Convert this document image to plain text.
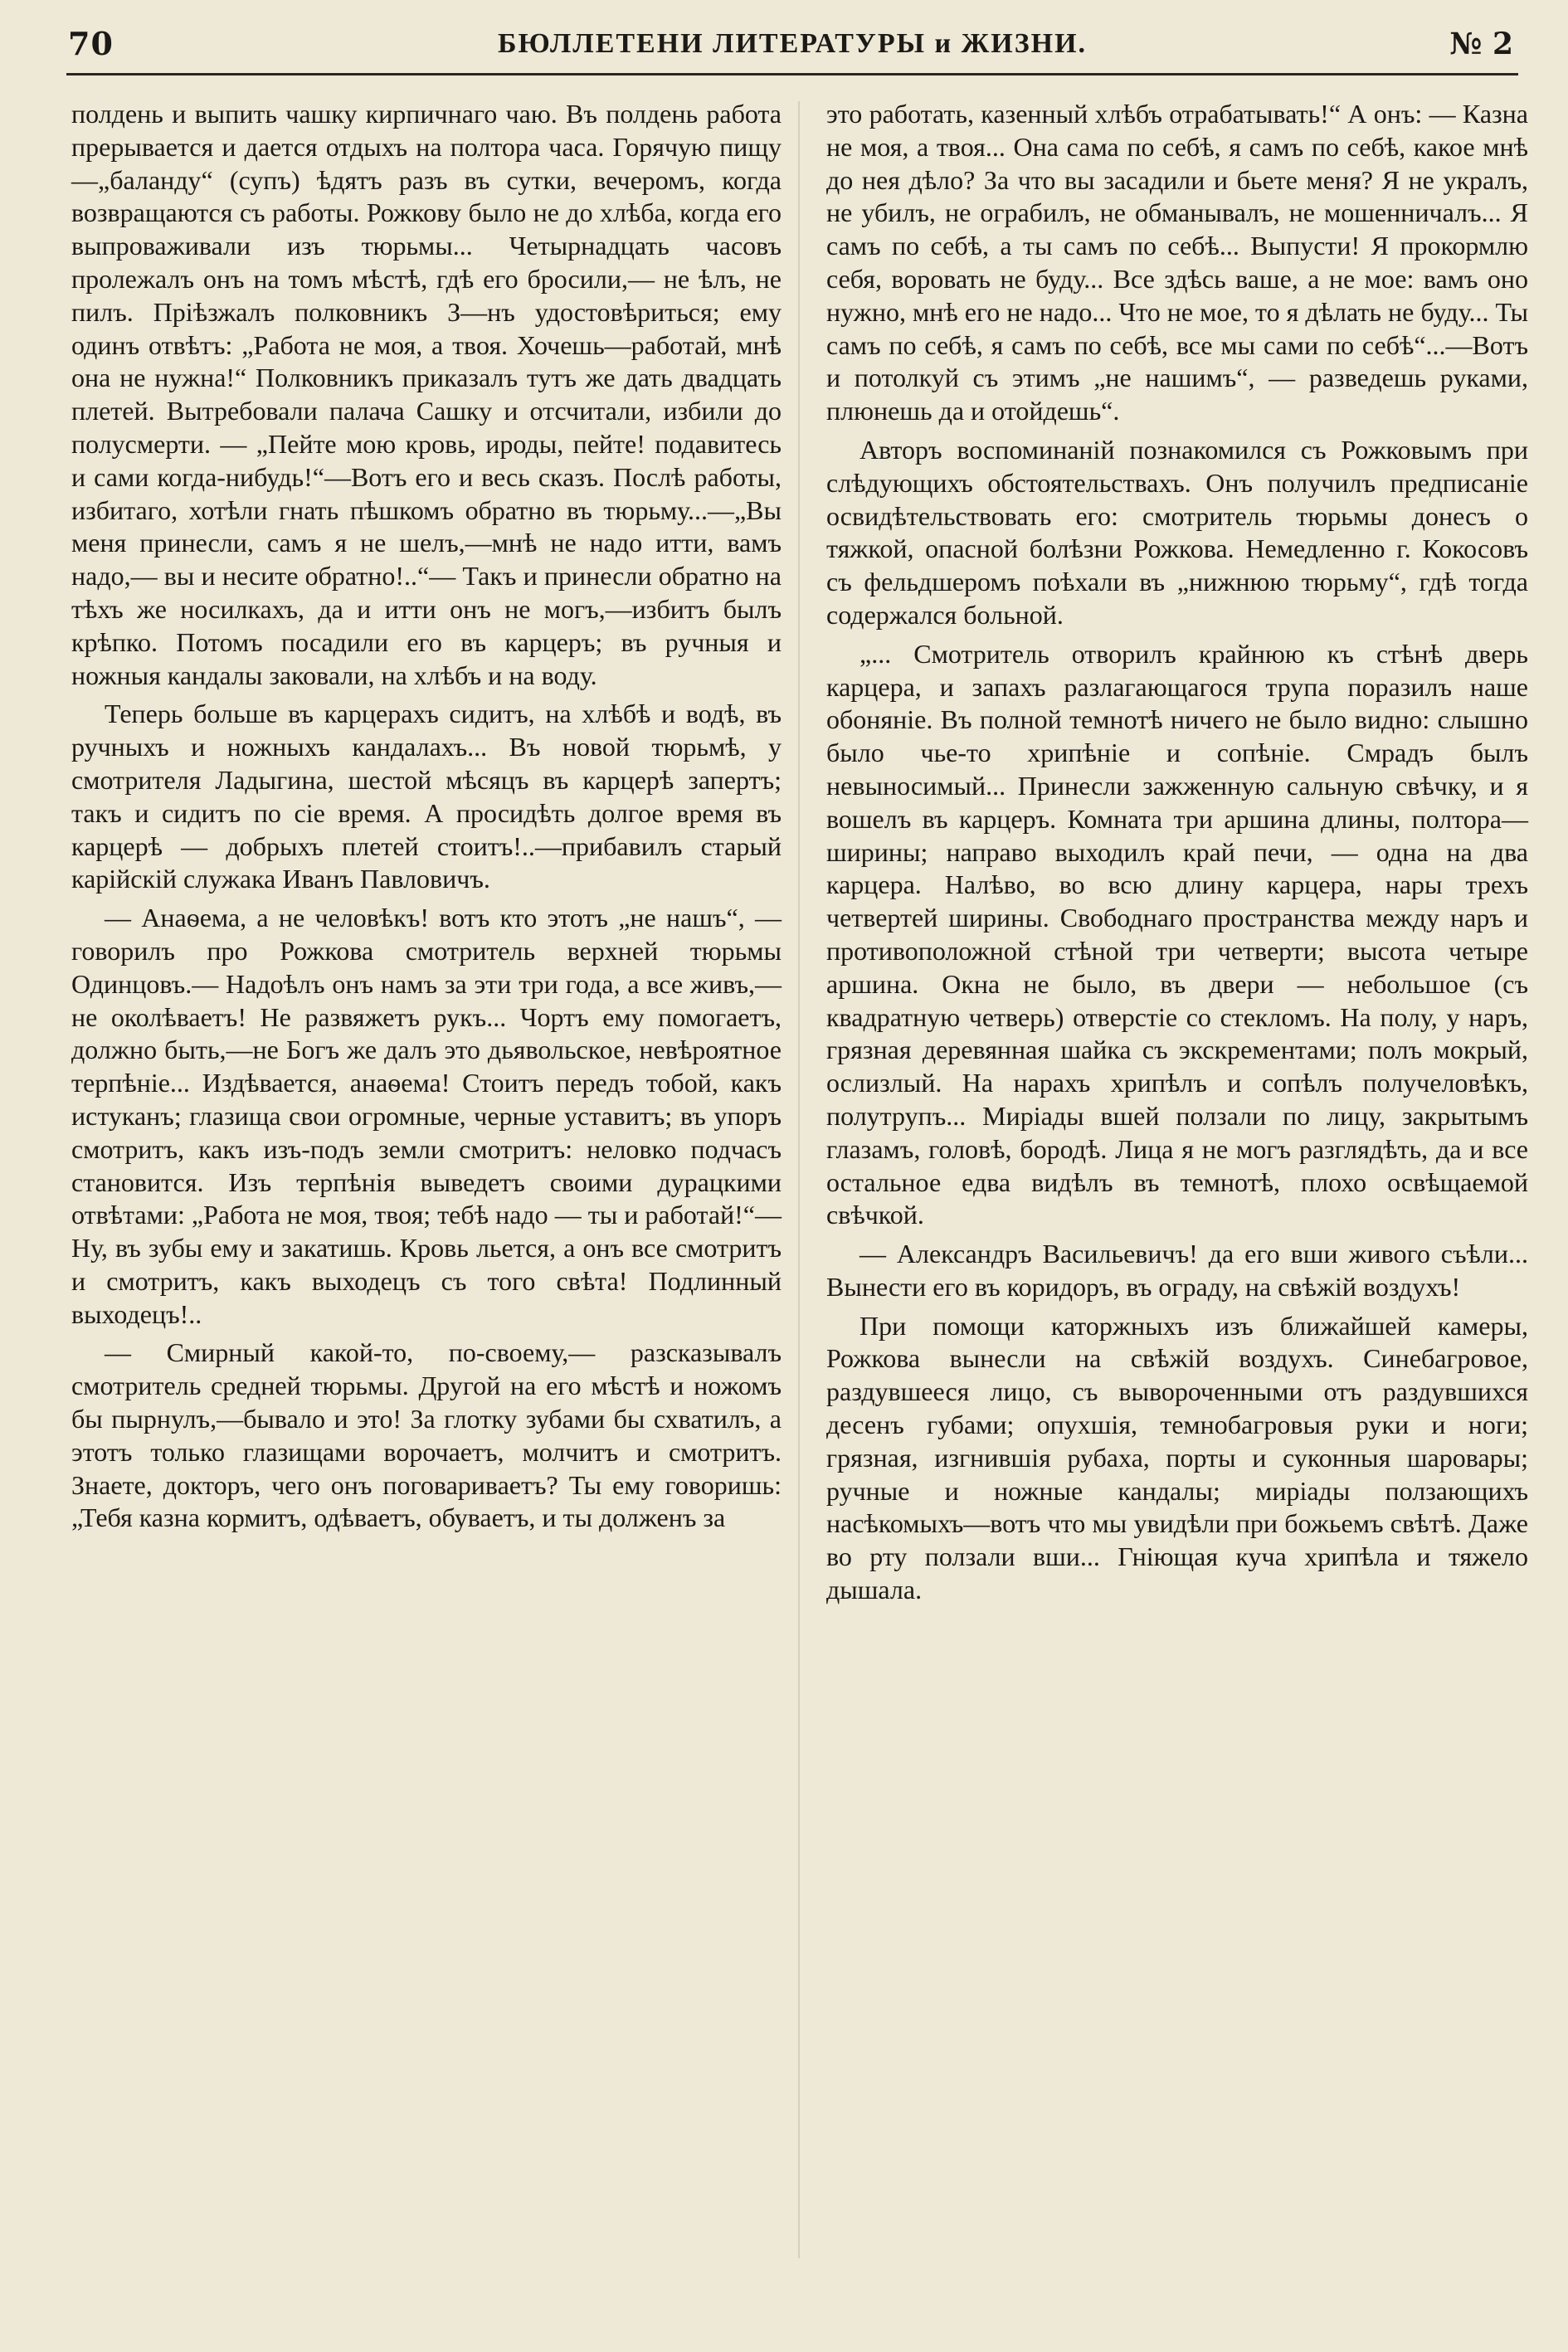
70	БЮЛЛЕТЕНИ ЛИТЕРАТУРЫ и ЖИЗНИ.	№ 2

полдень и выпить чашку кирпичнаго чаю. Въ полдень работа прерывается и дается отдыхъ на полтора часа. Горячую пищу—„баланду“ (супъ) ѣдятъ разъ въ сутки, вечеромъ, когда возвращаются съ работы. Рожкову было не до хлѣба, когда его выпроваживали изъ тюрьмы... Четырнадцать часовъ пролежалъ онъ на томъ мѣстѣ, гдѣ его бросили,— не ѣлъ, не пилъ. Пріѣзжалъ полковникъ З—нъ удостовѣриться; ему одинъ отвѣтъ: „Работа не моя, а твоя. Хочешь—работай, мнѣ она не нужна!“ Полковникъ приказалъ тутъ же дать двадцать плетей. Вытребовали палача Сашку и отсчитали, избили до полусмерти. — „Пейте мою кровь, ироды, пейте! подавитесь и сами когда-нибудь!“—Вотъ его и весь сказъ. Послѣ работы, избитаго, хотѣли гнать пѣшкомъ обратно въ тюрьму...—„Вы меня принесли, самъ я не шелъ,—мнѣ не надо итти, вамъ надо,— вы и несите обратно!..“— Такъ и принесли обратно на тѣхъ же носилкахъ, да и итти онъ не могъ,—избитъ былъ крѣпко. Потомъ посадили его въ карцеръ; въ ручныя и ножныя кандалы заковали, на хлѣбъ и на воду.

Теперь больше въ карцерахъ сидитъ, на хлѣбѣ и водѣ, въ ручныхъ и ножныхъ кандалахъ... Въ новой тюрьмѣ, у смотрителя Ладыгина, шестой мѣсяцъ въ карцерѣ запертъ; такъ и сидитъ по сіе время. А просидѣть долгое время въ карцерѣ — добрыхъ плетей стоитъ!..—прибавилъ старый карійскій служака Иванъ Павловичъ.

— Анаѳема, а не человѣкъ! вотъ кто этотъ „не нашъ“, — говорилъ про Рожкова смотритель верхней тюрьмы Одинцовъ.— Надоѣлъ онъ намъ за эти три года, а все живъ,—не околѣваетъ! Не развяжетъ рукъ... Чортъ ему помогаетъ, должно быть,—не Богъ же далъ это дьявольское, невѣроятное терпѣніе... Издѣвается, анаѳема! Стоитъ передъ тобой, какъ истуканъ; глазища свои огромные, черные уставитъ; въ упоръ смотритъ, какъ изъ-подъ земли смотритъ: неловко подчасъ становится. Изъ терпѣнія выведетъ своими дурацкими отвѣтами: „Работа не моя, твоя; тебѣ надо — ты и работай!“—Ну, въ зубы ему и закатишь. Кровь льется, а онъ все смотритъ и смотритъ, какъ выходецъ съ того свѣта! Подлинный выходецъ!..

— Смирный какой-то, по-своему,— разсказывалъ смотритель средней тюрьмы. Другой на его мѣстѣ и ножомъ бы пырнулъ,—бывало и это! За глотку зубами бы схватилъ, а этотъ только глазищами ворочаетъ, молчитъ и смотритъ. Знаете, докторъ, чего онъ поговариваетъ? Ты ему говоришь: „Тебя казна кормитъ, одѣваетъ, обуваетъ, и ты долженъ за

это работать, казенный хлѣбъ отрабатывать!“ А онъ: — Казна не моя, а твоя... Она сама по себѣ, я самъ по себѣ, какое мнѣ до нея дѣло? За что вы засадили и бьете меня? Я не укралъ, не убилъ, не ограбилъ, не обманывалъ, не мошенничалъ... Я самъ по себѣ, а ты самъ по себѣ... Выпусти! Я прокормлю себя, воровать не буду... Все здѣсь ваше, а не мое: вамъ оно нужно, мнѣ его не надо... Что не мое, то я дѣлать не буду... Ты самъ по себѣ, я самъ по себѣ, все мы сами по себѣ“...—Вотъ и потолкуй съ этимъ „не нашимъ“, — разведешь руками, плюнешь да и отойдешь“.

Авторъ воспоминаній познакомился съ Рожковымъ при слѣдующихъ обстоятельствахъ. Онъ получилъ предписаніе освидѣтельствовать его: смотритель тюрьмы донесъ о тяжкой, опасной болѣзни Рожкова. Немедленно г. Кокосовъ съ фельдшеромъ поѣхали въ „нижнюю тюрьму“, гдѣ тогда содержался больной.

„... Смотритель отворилъ крайнюю къ стѣнѣ дверь карцера, и запахъ разлагающагося трупа поразилъ наше обоняніе. Въ полной темнотѣ ничего не было видно: слышно было чье-то хрипѣніе и сопѣніе. Смрадъ былъ невыносимый... Принесли зажженную сальную свѣчку, и я вошелъ въ карцеръ. Комната три аршина длины, полтора—ширины; направо выходилъ край печи, — одна на два карцера. Налѣво, во всю длину карцера, нары трехъ четвертей ширины. Свободнаго пространства между наръ и противоположной стѣной три четверти; высота четыре аршина. Окна не было, въ двери — небольшое (съ квадратную четверь) отверстіе со стекломъ. На полу, у наръ, грязная деревянная шайка съ экскрементами; полъ мокрый, ослизлый. На нарахъ хрипѣлъ и сопѣлъ получеловѣкъ, полутрупъ... Миріады вшей ползали по лицу, закрытымъ глазамъ, головѣ, бородѣ. Лица я не могъ разглядѣть, да и все остальное едва видѣлъ въ темнотѣ, плохо освѣщаемой свѣчкой.

— Александръ Васильевичъ! да его вши живого съѣли... Вынести его въ коридоръ, въ ограду, на свѣжій воздухъ!

При помощи каторжныхъ изъ ближайшей камеры, Рожкова вынесли на свѣжій воздухъ. Синебагровое, раздувшееся лицо, съ вывороченными отъ раздувшихся десенъ губами; опухшія, темнобагровыя руки и ноги; грязная, изгнившія рубаха, порты и суконныя шаровары; ручные и ножные кандалы; миріады ползающихъ насѣкомыхъ—вотъ что мы увидѣли при божьемъ свѣтѣ. Даже во рту ползали вши... Гніющая куча хрипѣла и тяжело дышала.
